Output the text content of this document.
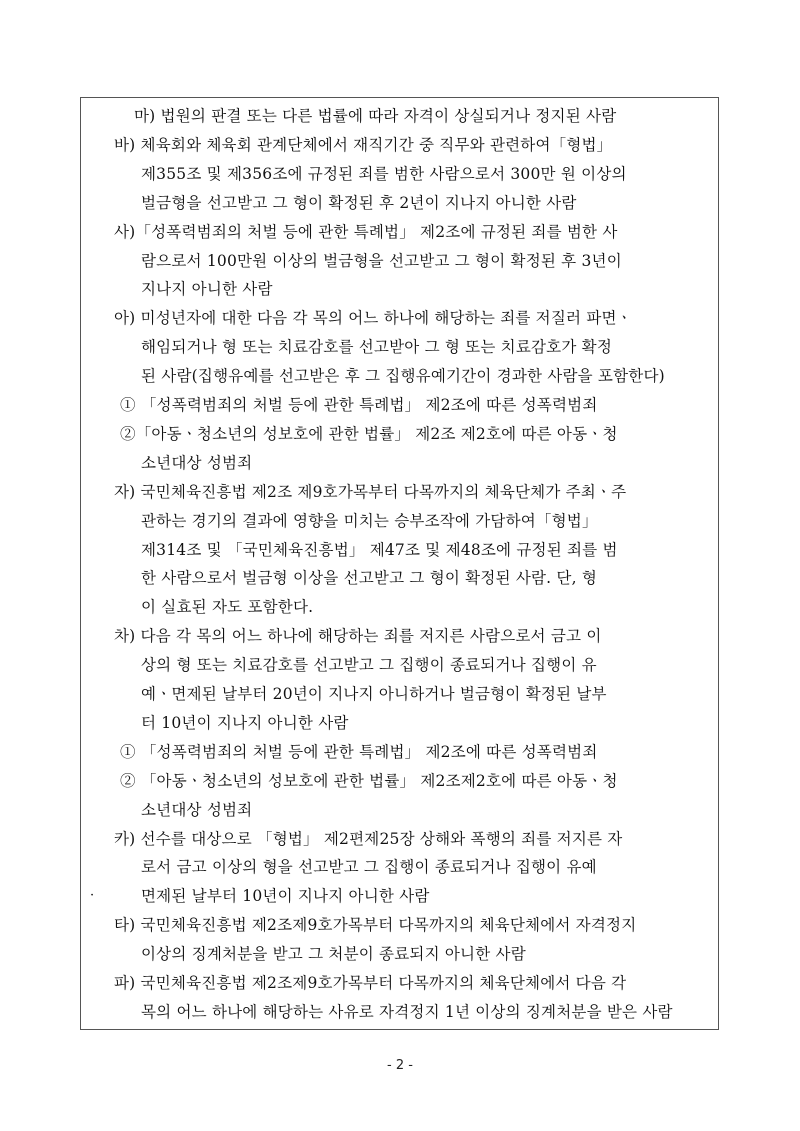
마) 법원의 판결 또는 다른 법률에 따라 자격이 상실되거나 정지된 사람
바) 체육회와 체육회 관계단체에서 재직기간 중 직무와 관련하여「형법」
제355조 및 제356조에 규정된 죄를 범한 사람으로서 300만 원 이상의
벌금형을 선고받고 그 형이 확정된 후 2년이 지나지 아니한 사람
사)「성폭력범죄의 처벌 등에 관한 특례법」 제2조에 규정된 죄를 범한 사
람으로서 100만원 이상의 벌금형을 선고받고 그 형이 확정된 후 3년이
지나지 아니한 사람
아) 미성년자에 대한 다음 각 목의 어느 하나에 해당하는 죄를 저질러 파면ㆍ
해임되거나 형 또는 치료감호를 선고받아 그 형 또는 치료감호가 확정
된 사람(집행유예를 선고받은 후 그 집행유예기간이 경과한 사람을 포함한다)
① 「성폭력범죄의 처벌 등에 관한 특례법」 제2조에 따른 성폭력범죄
②「아동ㆍ청소년의 성보호에 관한 법률」 제2조 제2호에 따른 아동ㆍ청
소년대상 성범죄
자) 국민체육진흥법 제2조 제9호가목부터 다목까지의 체육단체가 주최ㆍ주
관하는 경기의 결과에 영향을 미치는 승부조작에 가담하여「형법」
제314조 및 「국민체육진흥법」 제47조 및 제48조에 규정된 죄를 범
한 사람으로서 벌금형 이상을 선고받고 그 형이 확정된 사람. 단, 형
이 실효된 자도 포함한다.
차) 다음 각 목의 어느 하나에 해당하는 죄를 저지른 사람으로서 금고 이
상의 형 또는 치료감호를 선고받고 그 집행이 종료되거나 집행이 유
예ㆍ면제된 날부터 20년이 지나지 아니하거나 벌금형이 확정된 날부
터 10년이 지나지 아니한 사람
① 「성폭력범죄의 처벌 등에 관한 특례법」 제2조에 따른 성폭력범죄
② 「아동ㆍ청소년의 성보호에 관한 법률」 제2조제2호에 따른 아동ㆍ청
소년대상 성범죄
카) 선수를 대상으로 「형법」 제2편제25장 상해와 폭행의 죄를 저지른 자
로서 금고 이상의 형을 선고받고 그 집행이 종료되거나 집행이 유예
면제된 날부터 10년이 지나지 아니한 사람
타) 국민체육진흥법 제2조제9호가목부터 다목까지의 체육단체에서 자격정지
이상의 징계처분을 받고 그 처분이 종료되지 아니한 사람
파) 국민체육진흥법 제2조제9호가목부터 다목까지의 체육단체에서 다음 각
목의 어느 하나에 해당하는 사유로 자격정지 1년 이상의 징계처분을 받은 사람
·
- 2 -
